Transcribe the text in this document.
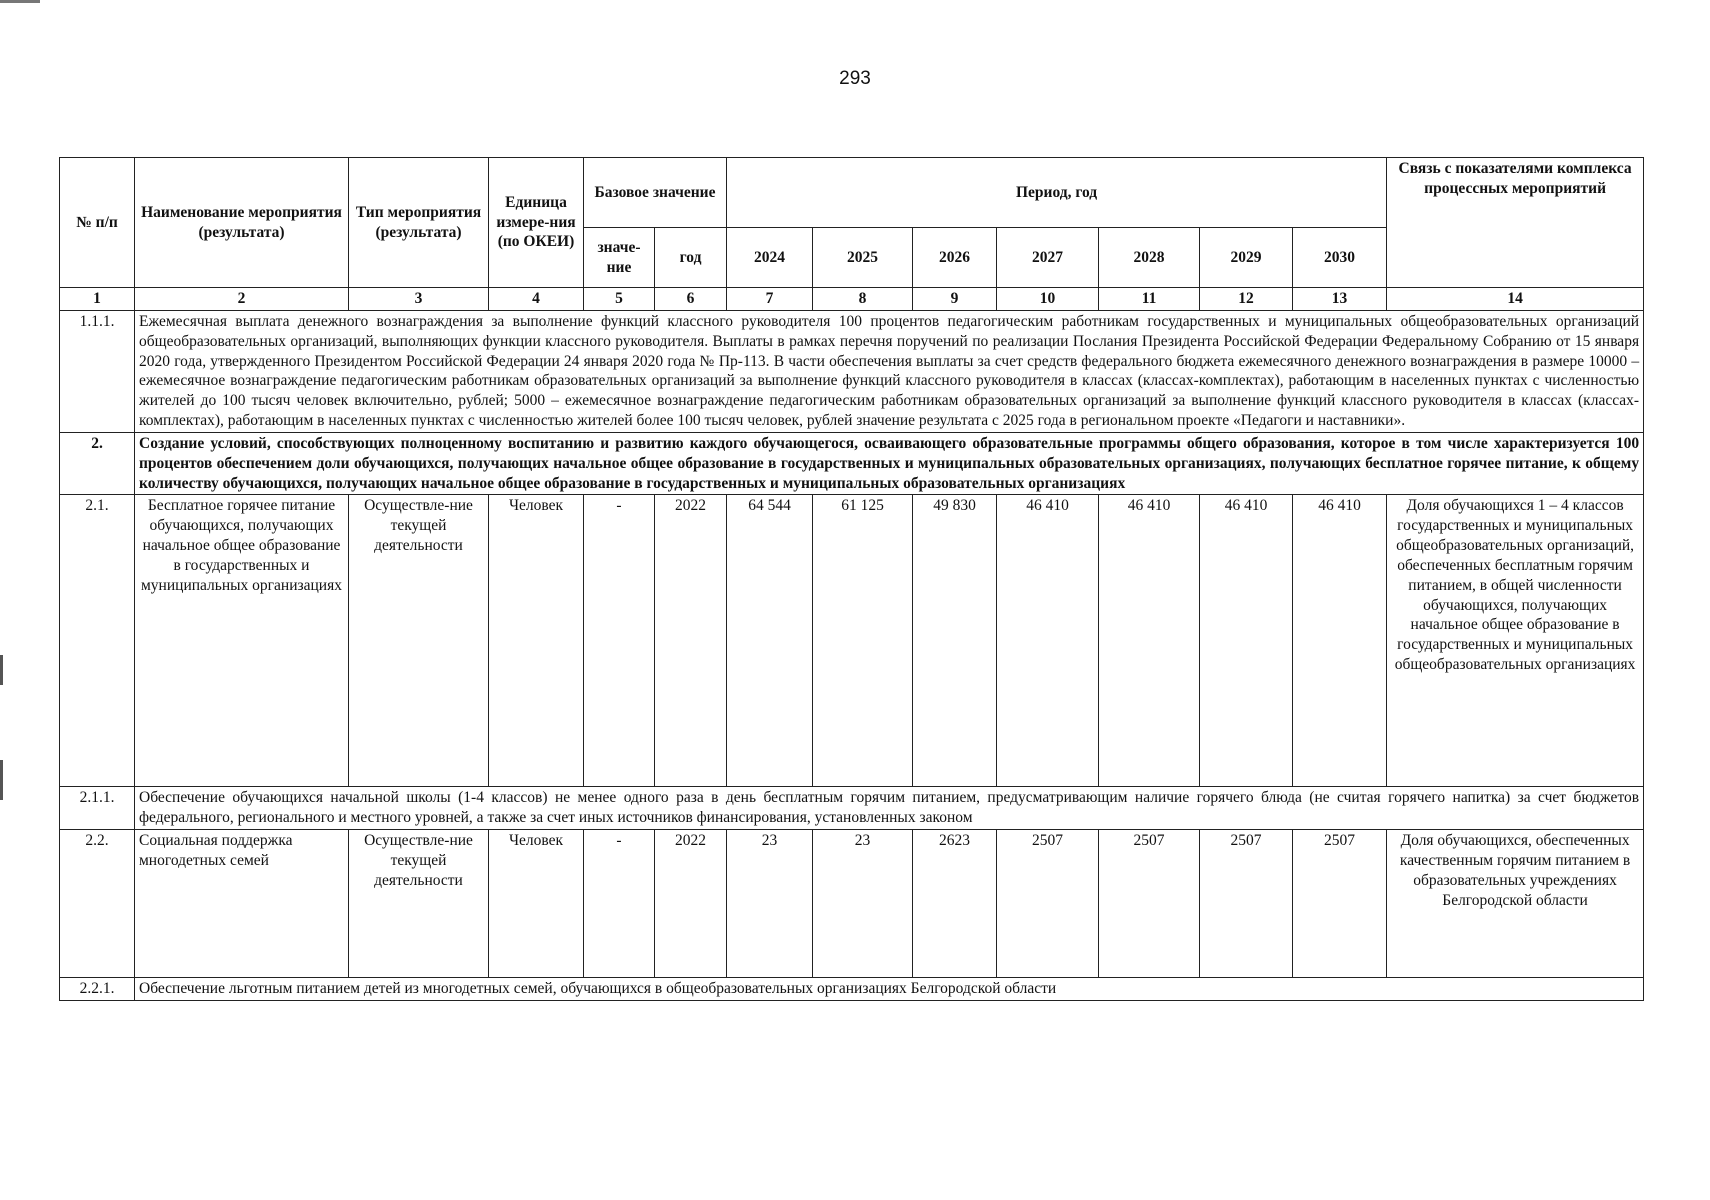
293
№ п/п	Наименование мероприятия (результата)	Тип мероприятия (результата)	Единица измере-ния (по ОКЕИ)	Базовое значение		Период, год							Связь с показателями комплекса процессных мероприятий
				значе-ние	год	2024	2025	2026	2027	2028	2029	2030	
1	2	3	4	5	6	7	8	9	10	11	12	13	14
1.1.1.	Ежемесячная выплата денежного вознаграждения за выполнение функций классного руководителя 100 процентов педагогическим работникам государственных и муниципальных общеобразовательных организаций общеобразовательных организаций, выполняющих функции классного руководителя. Выплаты в рамках перечня поручений по реализации Послания Президента Российской Федерации Федеральному Собранию от 15 января 2020 года, утвержденного Президентом Российской Федерации 24 января 2020 года № Пр-113. В части обеспечения выплаты за счет средств федерального бюджета ежемесячного денежного вознаграждения в размере 10000 – ежемесячное вознаграждение педагогическим работникам образовательных организаций за выполнение функций классного руководителя в классах (классах-комплектах), работающим в населенных пунктах с численностью жителей до 100 тысяч человек включительно, рублей; 5000 – ежемесячное вознаграждение педагогическим работникам образовательных организаций за выполнение функций классного руководителя в классах (классах-комплектах), работающим в населенных пунктах с численностью жителей более 100 тысяч человек, рублей значение результата с 2025 года в региональном проекте «Педагоги и наставники».												
2.	Создание условий, способствующих полноценному воспитанию и развитию каждого обучающегося, осваивающего образовательные программы общего образования, которое в том числе характеризуется 100 процентов обеспечением доли обучающихся, получающих начальное общее образование в государственных и муниципальных образовательных организациях, получающих бесплатное горячее питание, к общему количеству обучающихся, получающих начальное общее образование в государственных и муниципальных образовательных организациях												
2.1.	Бесплатное горячее питание обучающихся, получающих начальное общее образование в государственных и муниципальных организациях	Осуществле-ние текущей деятельности	Человек	-	2022	64 544	61 125	49 830	46 410	46 410	46 410	46 410	Доля обучающихся 1 – 4 классов государственных и муниципальных общеобразовательных организаций, обеспеченных бесплатным горячим питанием, в общей численности обучающихся, получающих начальное общее образование в государственных и муниципальных общеобразовательных организациях
2.1.1.	Обеспечение обучающихся начальной школы (1-4 классов) не менее одного раза в день бесплатным горячим питанием, предусматривающим наличие горячего блюда (не считая горячего напитка) за счет бюджетов федерального, регионального и местного уровней, а также за счет иных источников финансирования, установленных законом												
2.2.	Социальная поддержка многодетных семей	Осуществле-ние текущей деятельности	Человек	-	2022	23	23	2623	2507	2507	2507	2507	Доля обучающихся, обеспеченных качественным горячим питанием в образовательных учреждениях Белгородской области
2.2.1.	Обеспечение льготным питанием детей из многодетных семей, обучающихся в общеобразовательных организациях Белгородской области												
